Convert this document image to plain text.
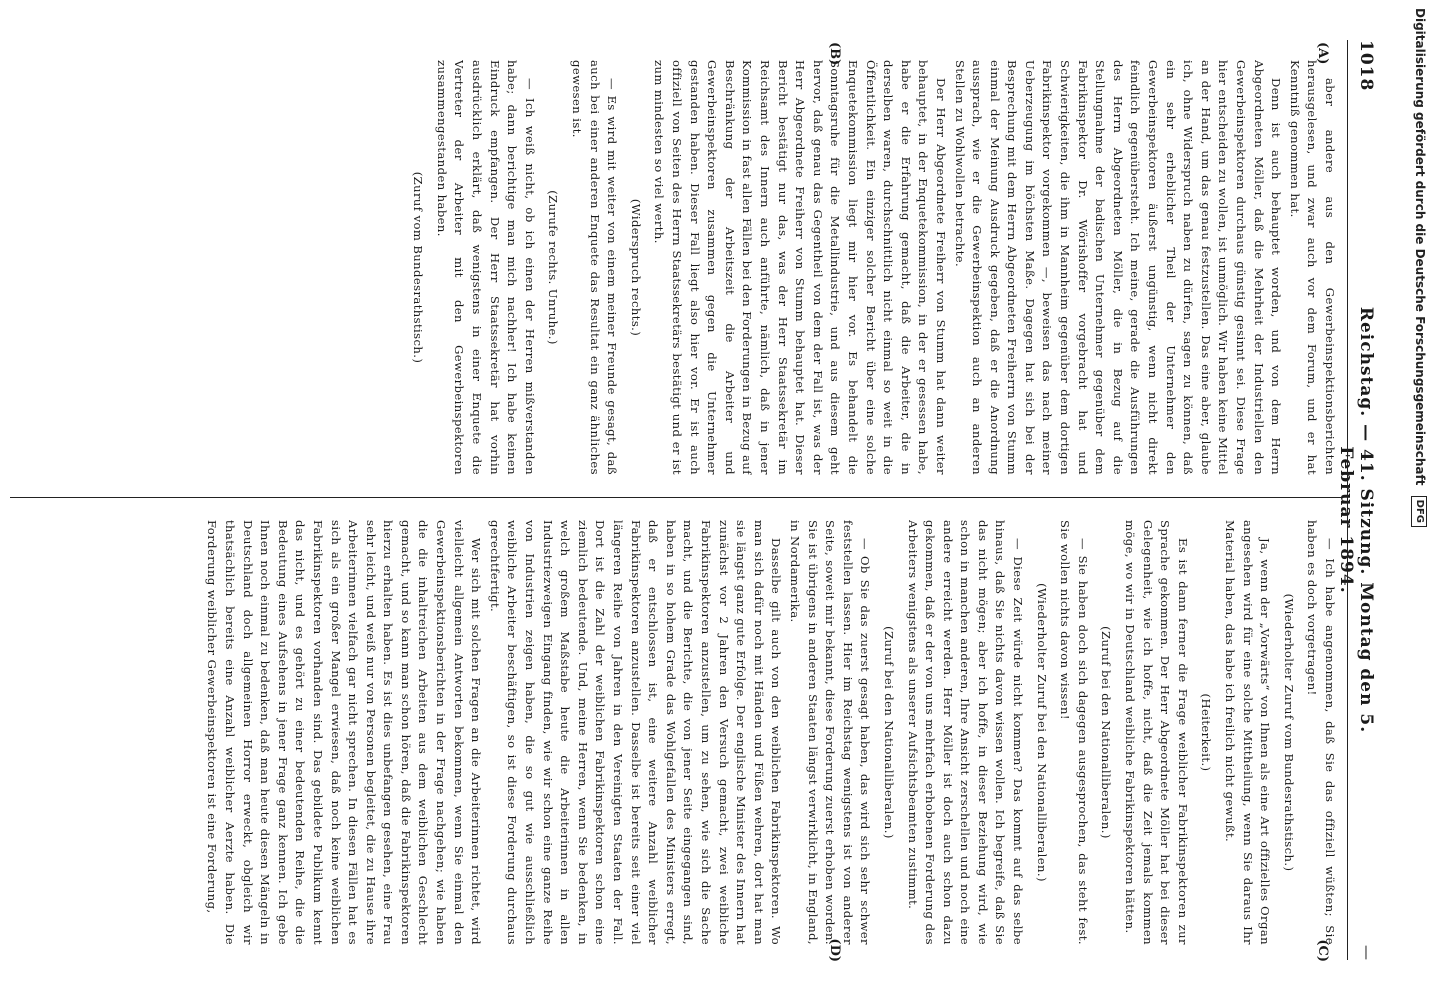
1018
Reichstag. — 41. Sitzung. Montag den 5. Februar 1894.
—
(A)
(B)
(C)
(D)

aber andere aus den Gewerbeinspektionsberichten herausgelesen, und zwar auch vor dem Forum, und er hat Kenntniß genommen hat.

Denn ist auch behauptet worden, und von dem Herrn Abgeordneten Möller, daß die Mehrheit der Industriellen den Gewerbeinspektoren durchaus günstig gesinnt sei. Diese Frage hier entscheiden zu wollen, ist unmöglich. Wir haben keine Mittel an der Hand, um das genau festzustellen. Das eine aber, glaube ich, ohne Widerspruch naben zu dürfen, sagen zu können, daß ein sehr erheblicher Theil der Unternehmer den Gewerbeinspektoren äußerst ungünstig, wenn nicht direkt feindlich gegenübersteht. Ich meine, gerade die Ausführungen des Herrn Abgeordneten Möller, die in Bezug auf die Stellungnahme der badischen Unternehmer gegenüber dem Fabrikinspektor Dr. Wörishoffer vorgebracht hat und Schwierigkeiten, die ihm in Mannheim gegenüber dem dortigen Fabrikinspektor vorgekommen —, beweisen das nach meiner Ueberzeugung im höchsten Maße. Dagegen hat sich bei der Besprechung mit dem Herrn Abgeordneten Freiherrn von Stumm einmal der Meinung Ausdruck gegeben, daß er die Anordnung aussprach, wie er die Gewerbeinspektion auch an anderen Stellen zu Wohlwollen betrachte.

Der Herr Abgeordnete Freiherr von Stumm hat dann weiter behauptet, in der Enquetekommission, in der er gesessen habe, habe er die Erfahrung gemacht, daß die Arbeiter, die in derselben waren, durchschnittlich nicht einmal so weit in die Öffentlichkeit. Ein einziger solcher Bericht über eine solche Enquetekommission liegt mir hier vor. Es behandelt die Sonntagsruhe für die Metallindustrie, und aus diesem geht hervor, daß genau das Gegentheil von dem der Fall ist, was der Herr Abgeordnete Freiherr von Stumm behauptet hat. Dieser Bericht bestätigt nur das, was der Herr Staatssekretär im Reichsamt des Innern auch anführte, nämlich, daß in jener Kommission in fast allen Fällen bei den Forderungen in Bezug auf Beschränkung der Arbeitszeit die Arbeiter und Gewerbeinspektoren zusammen gegen die Unternehmer gestanden haben. Dieser Fall liegt also hier vor. Er ist auch offiziell von Seiten des Herrn Staatssekretärs bestätigt und er ist zum mindesten so viel werth.

(Widerspruch rechts.)

— Es wird mit weiter von einem meiner Freunde gesagt, daß auch bei einer anderen Enquete das Resultat ein ganz ähnliches gewesen ist.

(Zurufe rechts. Unruhe.)

— Ich weiß nicht, ob ich einen der Herren mißverstanden habe; dann berichtige man mich nachher! Ich habe keinen Eindruck empfangen. Der Herr Staatssekretär hat vorhin ausdrücklich erklärt, daß wenigstens in einer Enquete die Vertreter der Arbeiter mit den Gewerbeinspektoren zusammengestanden haben.

(Zuruf vom Bundesrathstisch.)

— Ich habe angenommen, daß Sie das offiziell wüßten; Sie haben es doch vorgetragen!

(Wiederholter Zuruf vom Bundesrathstisch.)

Ja, wenn der „Vorwärts“ von Ihnen als eine Art offizielles Organ angesehen wird für eine solche Mittheilung, wenn Sie daraus Ihr Material haben, das habe ich freilich nicht gewußt.

(Heiterkeit.)

Es ist dann ferner die Frage weiblicher Fabrikinspektoren zur Sprache gekommen. Der Herr Abgeordnete Möller hat bei dieser Gelegenheit, wie ich hoffe, nicht, daß die Zeit jemals kommen möge, wo wir in Deutschland weibliche Fabrikinspektoren hätten.

(Zuruf bei den Nationalliberalen.)

— Sie haben doch sich dagegen ausgesprochen, das steht fest. Sie wollen nichts davon wissen!

(Wiederholter Zuruf bei den Nationalliberalen.)

— Diese Zeit würde nicht kommen? Das kommt auf das selbe hinaus, daß Sie nichts davon wissen wollen. Ich begreife, daß Sie das nicht mögen; aber ich hoffe, in dieser Beziehung wird, wie schon in manchen anderen, Ihre Ansicht zerschellen und noch eine andere erreicht werden. Herr Möller ist doch auch schon dazu gekommen, daß er der von uns mehrfach erhobenen Forderung des Arbeiters wenigstens als unserer Aufsichtsbeamten zustimmt.

(Zuruf bei den Nationalliberalen.)

— Ob Sie das zuerst gesagt haben, das wird sich sehr schwer feststellen lassen. Hier im Reichstag wenigstens ist von anderer Seite, soweit mir bekannt, diese Forderung zuerst erhoben worden. Sie ist übrigens in anderen Staaten längst verwirklicht, in England, in Nordamerika.

Dasselbe gilt auch von den weiblichen Fabrikinspektoren. Wo man sich dafür noch mit Händen und Füßen wehren, dort hat man sie längst ganz gute Erfolge. Der englische Minister des Innern hat zunächst vor 2 Jahren den Versuch gemacht, zwei weibliche Fabrikinspektoren anzustellen, um zu sehen, wie sich die Sache macht, und die Berichte, die von jener Seite eingegangen sind, haben in so hohem Grade das Wohlgefallen des Ministers erregt, daß er entschlossen ist, eine weitere Anzahl weiblicher Fabrikinspektoren anzustellen. Dasselbe ist bereits seit einer viel längeren Reihe von Jahren in den Vereinigten Staaten der Fall. Dort ist die Zahl der weiblichen Fabrikinspektoren schon eine ziemlich bedeutende. Und, meine Herren, wenn Sie bedenken, in welch großem Maßstabe heute die Arbeiterinnen in allen Industriezweigen Eingang finden, wie wir schon eine ganze Reihe von Industrien zeigen haben, die so gut wie ausschließlich weibliche Arbeiter beschäftigen, so ist diese Forderung durchaus gerechtfertigt.

Wer sich mit solchen Fragen an die Arbeiterinnen richtet, wird vielleicht allgemein Antworten bekommen, wenn Sie einmal den Gewerbeinspektionsberichten in der Frage nachgehen; wie haben die die inhaltreichen Arbeiten aus dem weiblichen Geschlecht gemacht, und so kann man schon hören, daß die Fabrikinspektoren hierzu erhalten haben. Es ist dies unbefangen gesehen, eine Frau sehr leicht, und weiß nur von Personen begleitet, die zu Hause ihre Arbeiterinnen vielfach gar nicht sprechen. In diesen Fällen hat es sich als ein großer Mangel erwiesen, daß noch keine weiblichen Fabrikinspektoren vorhanden sind. Das gebildete Publikum kennt das nicht, und es gehört zu einer bedeutenden Reihe, die die Bedeutung eines Aufsehens in jener Frage ganz kennen. Ich gebe Ihnen noch einmal zu bedenken, daß man heute diesen Mängeln in Deutschland doch allgemeinen Horror erweckt, obgleich wir thatsächlich bereits eine Anzahl weiblicher Aerzte haben. Die Forderung weiblicher Gewerbeinspektoren ist eine Forderung,

Digitalisierung gefördert durch die Deutsche Forschungsgemeinschaft DFG
